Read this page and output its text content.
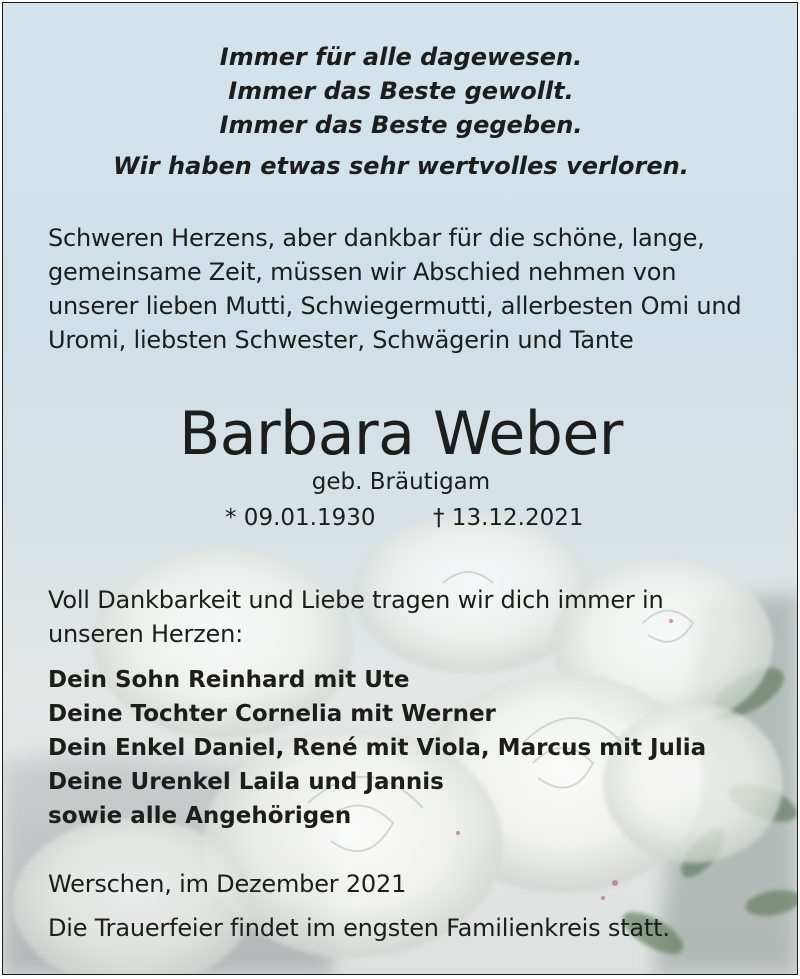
Immer für alle dagewesen.
Immer das Beste gewollt.
Immer das Beste gegeben.
Wir haben etwas sehr wertvolles verloren.
Schweren Herzens, aber dankbar für die schöne, lange,
gemeinsame Zeit, müssen wir Abschied nehmen von
unserer lieben Mutti, Schwiegermutti, allerbesten Omi und
Uromi, liebsten Schwester, Schwägerin und Tante
Barbara Weber
geb. Bräutigam
* 09.01.1930	† 13.12.2021
Voll Dankbarkeit und Liebe tragen wir dich immer in
unseren Herzen:
Dein Sohn Reinhard mit Ute
Deine Tochter Cornelia mit Werner
Dein Enkel Daniel, René mit Viola, Marcus mit Julia
Deine Urenkel Laila und Jannis
sowie alle Angehörigen
Werschen, im Dezember 2021
Die Trauerfeier findet im engsten Familienkreis statt.
